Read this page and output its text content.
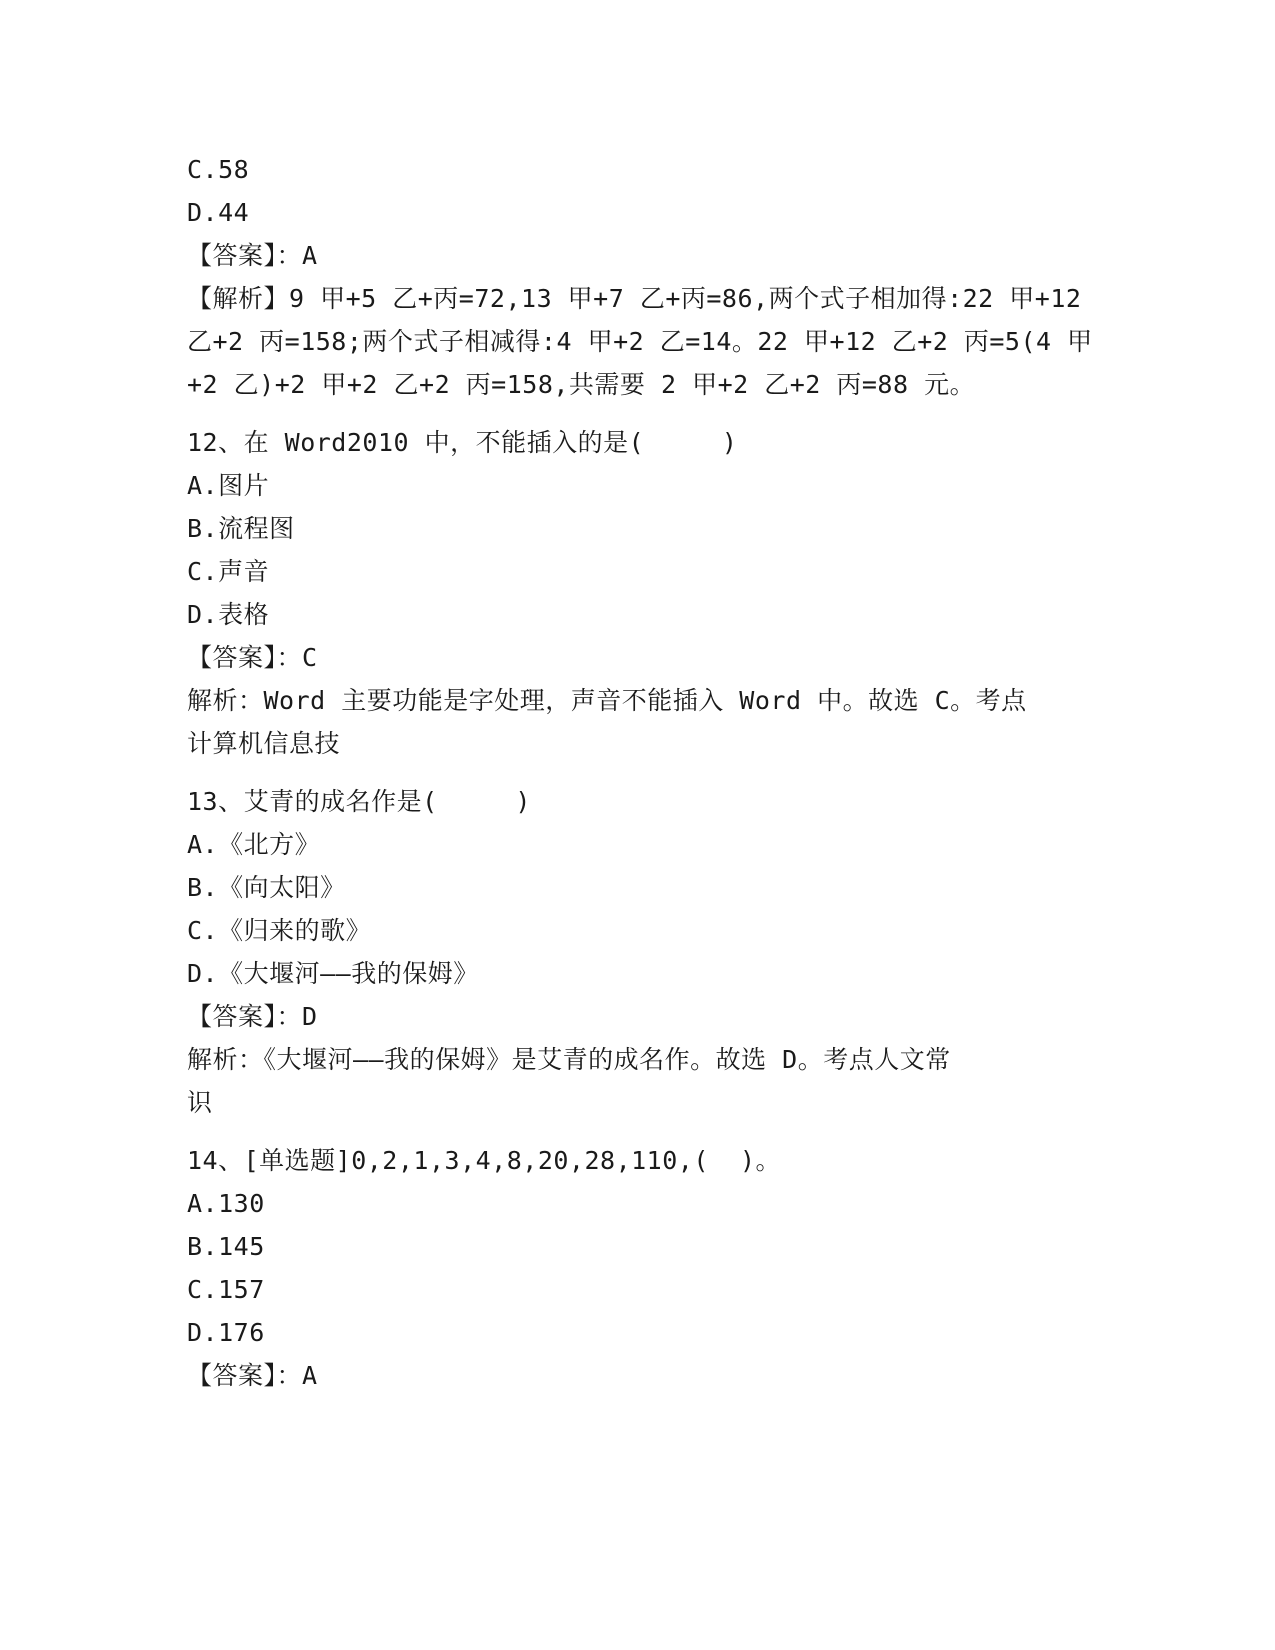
C.58
D.44
【答案】：A
【解析】9 甲+5 乙+丙=72,13 甲+7 乙+丙=86,两个式子相加得:22 甲+12
乙+2 丙=158;两个式子相减得:4 甲+2 乙=14。22 甲+12 乙+2 丙=5(4 甲
+2 乙)+2 甲+2 乙+2 丙=158,共需要 2 甲+2 乙+2 丙=88 元。
12、在 Word2010 中，不能插入的是(     )
A.图片
B.流程图
C.声音
D.表格
【答案】：C
解析：Word 主要功能是字处理，声音不能插入 Word 中。故选 C。考点
计算机信息技
13、艾青的成名作是(     )
A.《北方》
B.《向太阳》
C.《归来的歌》
D.《大堰河——我的保姆》
【答案】：D
解析：《大堰河——我的保姆》是艾青的成名作。故选 D。考点人文常
识
14、[单选题]0,2,1,3,4,8,20,28,110,(  )。
A.130
B.145
C.157
D.176
【答案】：A
